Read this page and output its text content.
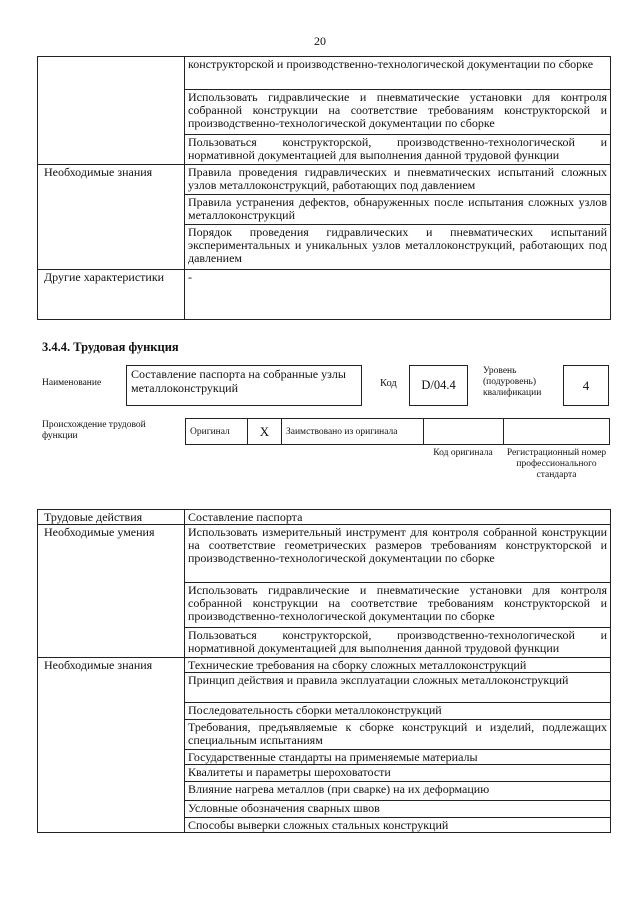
20
	конструкторской и производственно-технологической документации по сборке
	Использовать гидравлические и пневматические установки для контроля собранной конструкции на соответствие требованиям конструкторской и производственно-технологической документации по сборке
	Пользоваться конструкторской, производственно-технологической и нормативной документацией для выполнения данной трудовой функции
Необходимые знания	Правила проведения гидравлических и пневматических испытаний сложных узлов металлоконструкций, работающих под давлением
	Правила устранения дефектов, обнаруженных после испытания сложных узлов металлоконструкций
	Порядок проведения гидравлических и пневматических испытаний экспериментальных и уникальных узлов металлоконструкций, работающих под давлением
Другие характеристики	-
3.4.4. Трудовая функция
Наименование
Составление паспорта на собранные узлы металлоконструкций	Код	D/04.4
Уровень (подуровень) квалификации
4
Происхождение трудовой функции	Оригинал	X	Заимствовано из оригинала
Код оригинала	Регистрационный номер профессионального стандарта
Трудовые действия	Составление паспорта
Необходимые умения	Использовать измерительный инструмент для контроля собранной конструкции на соответствие геометрических размеров требованиям конструкторской и производственно-технологической документации по сборке
	Использовать гидравлические и пневматические установки для контроля собранной конструкции на соответствие требованиям конструкторской и производственно-технологической документации по сборке
	Пользоваться конструкторской, производственно-технологической и нормативной документацией для выполнения данной трудовой функции
Необходимые знания	Технические требования на сборку сложных металлоконструкций
	Принцип действия и правила эксплуатации сложных металлоконструкций
	Последовательность сборки металлоконструкций
	Требования, предъявляемые к сборке конструкций и изделий, подлежащих специальным испытаниям
	Государственные стандарты на применяемые материалы
	Квалитеты и параметры шероховатости
	Влияние нагрева металлов (при сварке) на их деформацию
	Условные обозначения сварных швов
	Способы выверки сложных стальных конструкций
